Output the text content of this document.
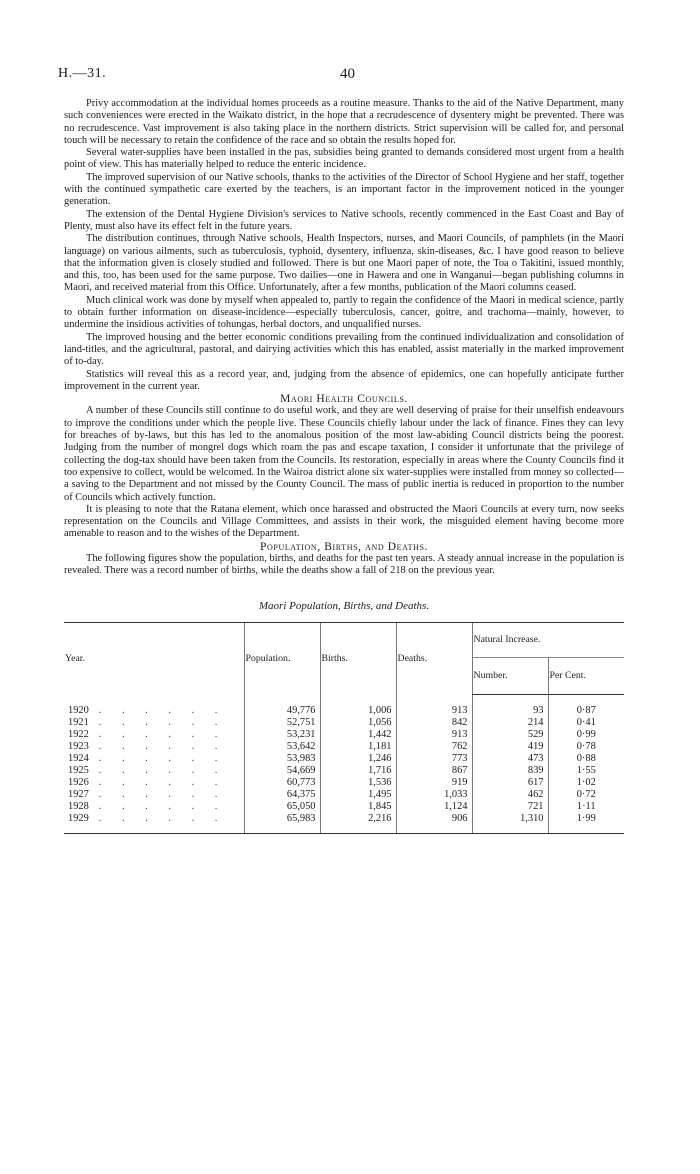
H.—31.	40

Privy accommodation at the individual homes proceeds as a routine measure. Thanks to the aid of the Native Department, many such conveniences were erected in the Waikato district, in the hope that a recrudescence of dysentery might be prevented. There was no recrudescence. Vast improvement is also taking place in the northern districts. Strict supervision will be called for, and personal touch will be necessary to retain the confidence of the race and so obtain the results hoped for.

Several water-supplies have been installed in the pas, subsidies being granted to demands considered most urgent from a health point of view. This has materially helped to reduce the enteric incidence.

The improved supervision of our Native schools, thanks to the activities of the Director of School Hygiene and her staff, together with the continued sympathetic care exerted by the teachers, is an important factor in the improvement noticed in the younger generation.

The extension of the Dental Hygiene Division's services to Native schools, recently commenced in the East Coast and Bay of Plenty, must also have its effect felt in the future years.

The distribution continues, through Native schools, Health Inspectors, nurses, and Maori Councils, of pamphlets (in the Maori language) on various ailments, such as tuberculosis, typhoid, dysentery, influenza, skin-diseases, &c. I have good reason to believe that the information given is closely studied and followed. There is but one Maori paper of note, the Toa o Takitini, issued monthly, and this, too, has been used for the same purpose. Two dailies—one in Hawera and one in Wanganui—began publishing columns in Maori, and received material from this Office. Unfortunately, after a few months, publication of the Maori columns ceased.

Much clinical work was done by myself when appealed to, partly to regain the confidence of the Maori in medical science, partly to obtain further information on disease-incidence—especially tuberculosis, cancer, goitre, and trachoma—mainly, however, to undermine the insidious activities of tohungas, herbal doctors, and unqualified nurses.

The improved housing and the better economic conditions prevailing from the continued individualization and consolidation of land-titles, and the agricultural, pastoral, and dairying activities which this has enabled, assist materially in the marked improvement of to-day.

Statistics will reveal this as a record year, and, judging from the absence of epidemics, one can hopefully anticipate further improvement in the current year.

Maori Health Councils.

A number of these Councils still continue to do useful work, and they are well deserving of praise for their unselfish endeavours to improve the conditions under which the people live. These Councils chiefly labour under the lack of finance. Fines they can levy for breaches of by-laws, but this has led to the anomalous position of the most law-abiding Council districts being the poorest. Judging from the number of mongrel dogs which roam the pas and escape taxation, I consider it unfortunate that the privilege of collecting the dog-tax should have been taken from the Councils. Its restoration, especially in areas where the County Councils find it too expensive to collect, would be welcomed. In the Wairoa district alone six water-supplies were installed from money so collected—a saving to the Department and not missed by the County Council. The mass of public inertia is reduced in proportion to the number of Councils which actively function.

It is pleasing to note that the Ratana element, which once harassed and obstructed the Maori Councils at every turn, now seeks representation on the Councils and Village Committees, and assists in their work, the misguided element having become more amenable to reason and to the wishes of the Department.

Population, Births, and Deaths.

The following figures show the population, births, and deaths for the past ten years. A steady annual increase in the population is revealed. There was a record number of births, while the deaths show a fall of 218 on the previous year.

Maori Population, Births, and Deaths.
Year.	Population.	Births.	Deaths.	Natural Increase.	
				Number.	Per Cent.
1920 . . . . . .	49,776	1,006	913	93	0·87
1921 . . . . . .	52,751	1,056	842	214	0·41
1922 . . . . . .	53,231	1,442	913	529	0·99
1923 . . . . . .	53,642	1,181	762	419	0·78
1924 . . . . . .	53,983	1,246	773	473	0·88
1925 . . . . . .	54,669	1,716	867	839	1·55
1926 . . . . . .	60,773	1,536	919	617	1·02
1927 . . . . . .	64,375	1,495	1,033	462	0·72
1928 . . . . . .	65,050	1,845	1,124	721	1·11
1929 . . . . . .	65,983	2,216	906	1,310	1·99
